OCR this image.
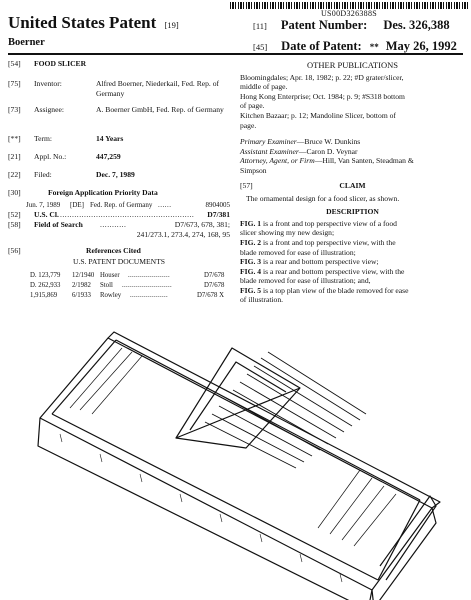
US00D326388S
United States Patent [19]
Boerner
[11] Patent Number: Des. 326,388
[45] Date of Patent: ** May 26, 1992
[54]	FOOD SLICER
[75]	Inventor:	Alfred Boerner, Niederkail, Fed. Rep. of Germany
[73]	Assignee:	A. Boerner GmbH, Fed. Rep. of Germany
[**]	Term:	14 Years
[21]	Appl. No.:	447,259
[22]	Filed:	Dec. 7, 1989
[30]	Foreign Application Priority Data
Jun. 7, 1989 [DE] Fed. Rep. of Germany ......	8904005
[52]	U.S. Cl. ........................................................ D7/381
[58]	Field of Search	...........	D7/673, 678, 381;
241/273.1, 273.4, 274, 168, 95
[56]	References Cited
U.S. PATENT DOCUMENTS
D. 123,779 12/1940 Houser .....................	D7/678
D. 262,933 2/1982 Stoll .........................	D7/678
1,915,869 6/1933 Rowley ...................	D7/678 X
OTHER PUBLICATIONS
Bloomingdales; Apr. 18, 1982; p. 22; #D grater/slicer,
middle of page.
Hong Kong Enterprise; Oct. 1984; p. 9; #S318 bottom
of page.
Kitchen Bazaar; p. 12; Mandoline Slicer, bottom of
page.
Primary Examiner—Bruce W. Dunkins
Assistant Examiner—Caron D. Veynar
Attorney, Agent, or Firm—Hill, Van Santen, Steadman &
Simpson
[57]	CLAIM
The ornamental design for a food slicer, as shown.
DESCRIPTION
FIG. 1 is a front and top perspective view of a food
slicer showing my new design;
FIG. 2 is a front and top perspective view, with the
blade removed for ease of illustration;
FIG. 3 is a rear and bottom perspective view;
FIG. 4 is a rear and bottom perspective view, with the
blade removed for ease of illustration; and,
FIG. 5 is a top plan view of the blade removed for ease
of illustration.
